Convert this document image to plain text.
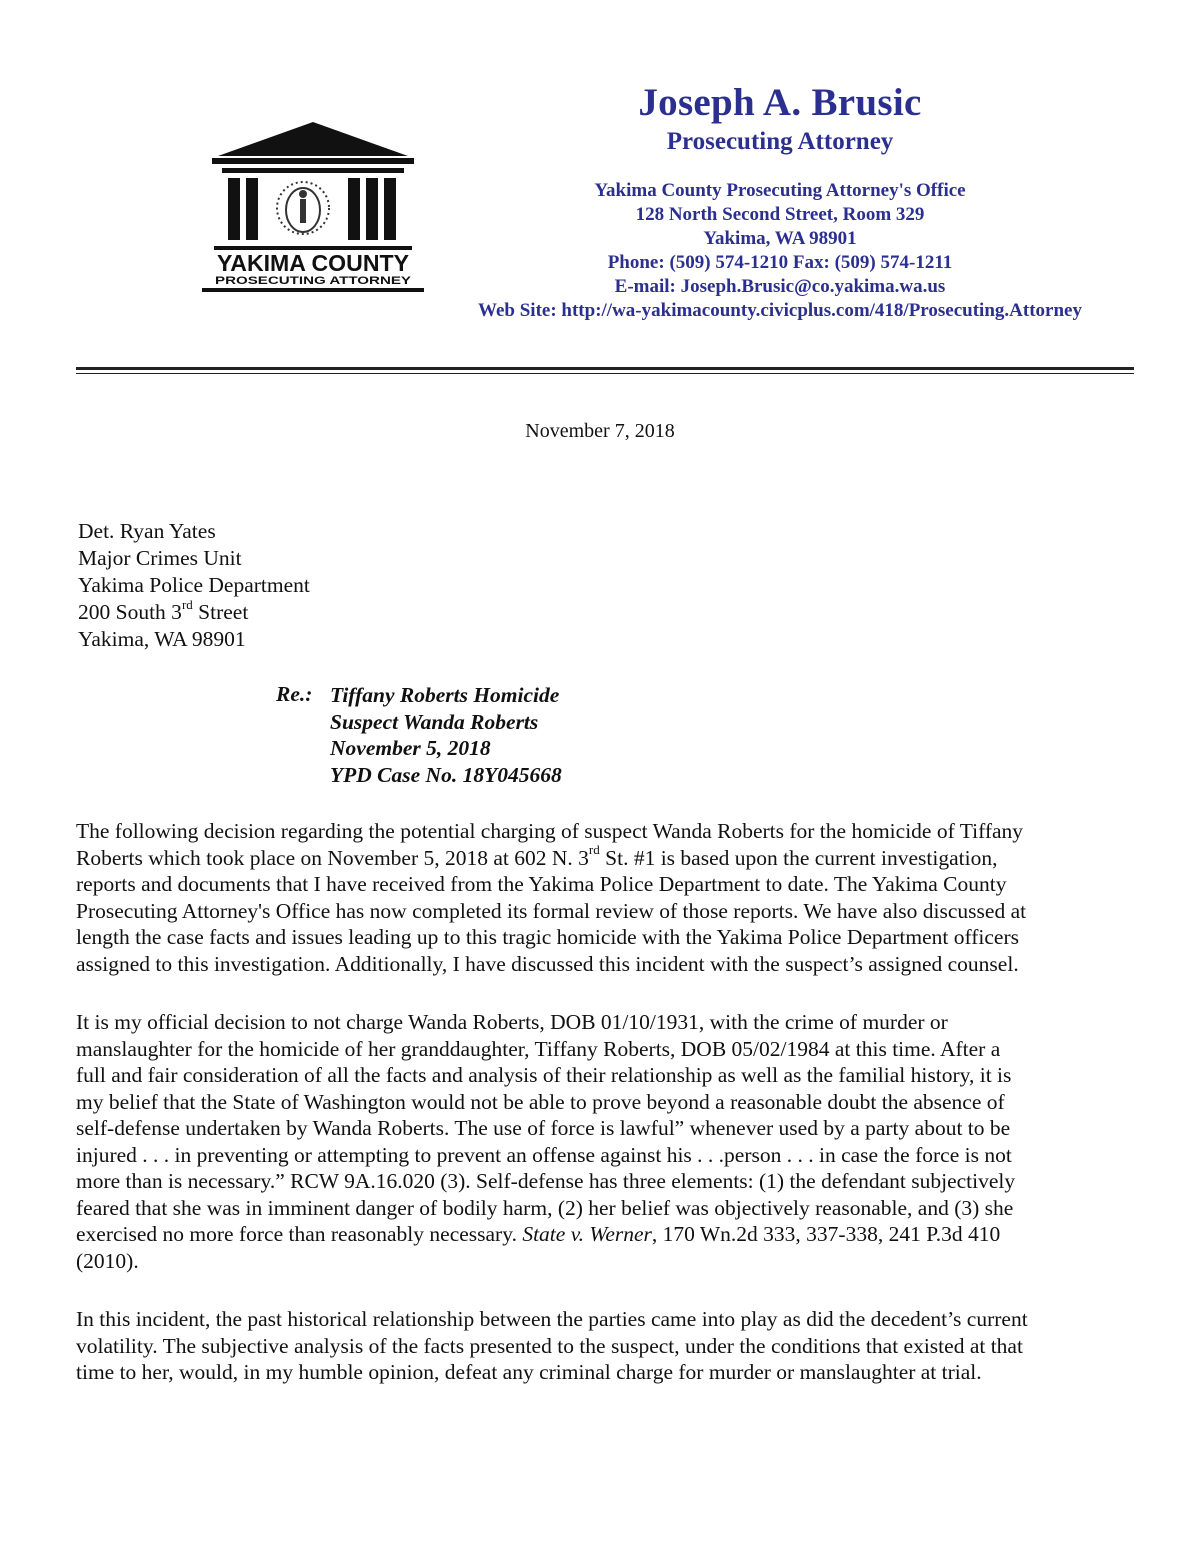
YAKIMA COUNTY
PROSECUTING ATTORNEY
Joseph A. Brusic
Prosecuting Attorney
Yakima County Prosecuting Attorney's Office
128 North Second Street, Room 329
Yakima, WA 98901
Phone: (509) 574-1210 Fax: (509) 574-1211
E-mail: Joseph.Brusic@co.yakima.wa.us
Web Site: http://wa-yakimacounty.civicplus.com/418/Prosecuting.Attorney
November 7, 2018
Det. Ryan Yates
Major Crimes Unit
Yakima Police Department
200 South 3rd Street
Yakima, WA 98901
Re.: Tiffany Roberts Homicide
Suspect Wanda Roberts
November 5, 2018
YPD Case No. 18Y045668
The following decision regarding the potential charging of suspect Wanda Roberts for the homicide of Tiffany
Roberts which took place on November 5, 2018 at 602 N. 3rd St. #1 is based upon the current investigation,
reports and documents that I have received from the Yakima Police Department to date. The Yakima County
Prosecuting Attorney's Office has now completed its formal review of those reports. We have also discussed at
length the case facts and issues leading up to this tragic homicide with the Yakima Police Department officers
assigned to this investigation. Additionally, I have discussed this incident with the suspect’s assigned counsel.
It is my official decision to not charge Wanda Roberts, DOB 01/10/1931, with the crime of murder or
manslaughter for the homicide of her granddaughter, Tiffany Roberts, DOB 05/02/1984 at this time. After a
full and fair consideration of all the facts and analysis of their relationship as well as the familial history, it is
my belief that the State of Washington would not be able to prove beyond a reasonable doubt the absence of
self-defense undertaken by Wanda Roberts. The use of force is lawful” whenever used by a party about to be
injured . . . in preventing or attempting to prevent an offense against his . . .person . . . in case the force is not
more than is necessary.” RCW 9A.16.020 (3). Self-defense has three elements: (1) the defendant subjectively
feared that she was in imminent danger of bodily harm, (2) her belief was objectively reasonable, and (3) she
exercised no more force than reasonably necessary. State v. Werner, 170 Wn.2d 333, 337-338, 241 P.3d 410
(2010).
In this incident, the past historical relationship between the parties came into play as did the decedent’s current
volatility. The subjective analysis of the facts presented to the suspect, under the conditions that existed at that
time to her, would, in my humble opinion, defeat any criminal charge for murder or manslaughter at trial.
